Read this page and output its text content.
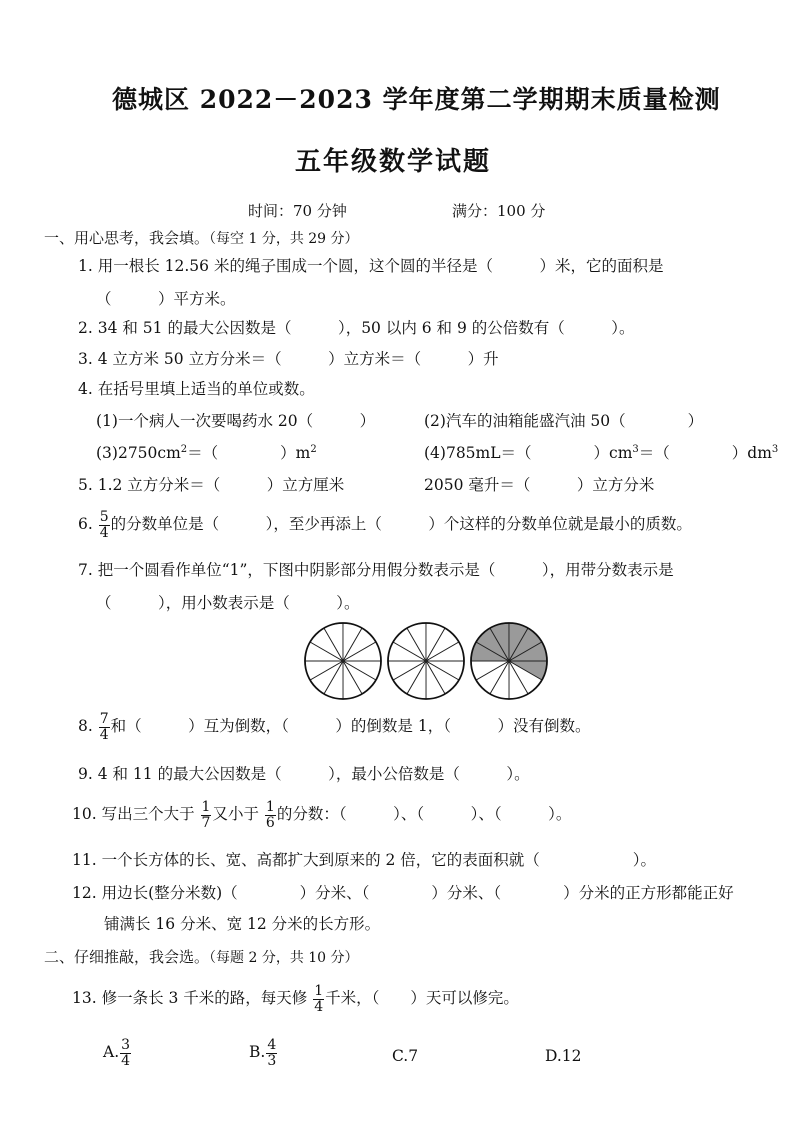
德城区 2022－2023 学年度第二学期期末质量检测
五年级数学试题
时间：70 分钟	满分：100 分
一、用心思考，我会填。（每空 1 分，共 29 分）
1. 用一根长 12.56 米的绳子围成一个圆，这个圆的半径是（　　　）米，它的面积是
（　　　）平方米。
2. 34 和 51 的最大公因数是（　　　），50 以内 6 和 9 的公倍数有（　　　）。
3. 4 立方米 50 立方分米＝（　　　）立方米＝（　　　）升
4. 在括号里填上适当的单位或数。
(1)一个病人一次要喝药水 20（　　　）	(2)汽车的油箱能盛汽油 50（　　　　）
$(3)2750cm^2=$（　　　　）$m^2$	(4)785mL＝（　　　　）$cm^3=$（　　　　）$dm^3$
5. 1.2 立方分米＝（　　　）立方厘米	2050 毫升＝（　　　）立方分米
6. $\frac{5}{4}$ 的分数单位是（　　　），至少再添上（　　　）个这样的分数单位就是最小的质数。
7. 把一个圆看作单位“1”，下图中阴影部分用假分数表示是（　　　），用带分数表示是
（　　　），用小数表示是（　　　）。
8. $\frac{7}{4}$ 和（　　　）互为倒数，（　　　）的倒数是 1，（　　　）没有倒数。
9. 4 和 11 的最大公因数是（　　　），最小公倍数是（　　　）。
10. 写出三个大于 $\frac{1}{7}$ 又小于 $\frac{1}{6}$ 的分数：（　　　）、（　　　）、（　　　）。
11. 一个长方体的长、宽、高都扩大到原来的 2 倍，它的表面积就（　　　　　　）。
12. 用边长(整分米数)（　　　　）分米、（　　　　）分米、（　　　　）分米的正方形都能正好
铺满长 16 分米、宽 12 分米的长方形。
二、仔细推敲，我会选。（每题 2 分，共 10 分）
13. 修一条长 3 千米的路，每天修 $\frac{1}{4}$ 千米，（　　）天可以修完。
A. $\frac{3}{4}$	B. $\frac{4}{3}$	C.7	D.12
